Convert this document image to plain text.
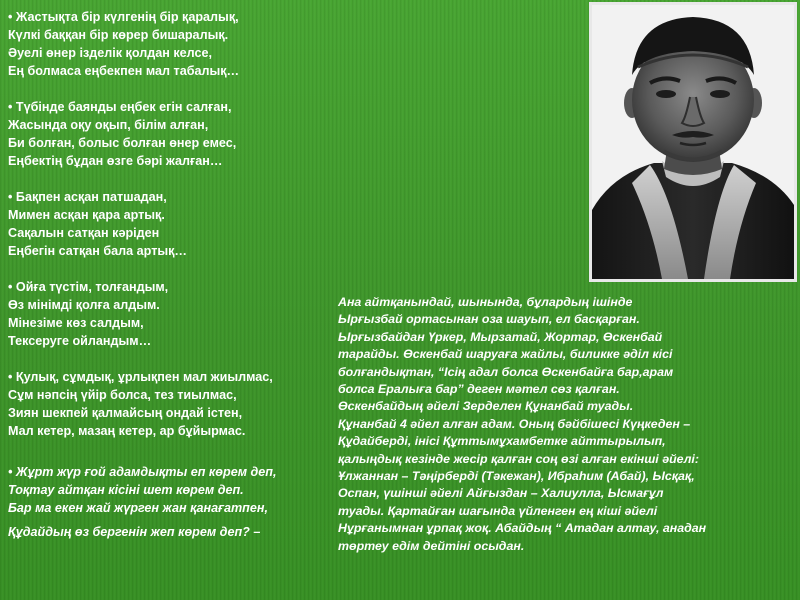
• Жастықта бір күлгенің бір қаралық,
Күлкі баққан бір көрер бишаралық.
Әуелі өнер ізделік қолдан келсе,
Ең болмаса еңбекпен мал табалық…
• Түбінде баянды еңбек егін салған,
Жасында оқу оқып, білім алған,
Би болған, болыс болған өнер емес,
Еңбектің бұдан өзге бәрі жалған…
• Бақпен асқан патшадан,
Мимен асқан қара артық.
Сақалын сатқан кәріден
Еңбегін сатқан бала артық…
• Ойға түстім, толғандым,
Өз мінімді қолға алдым.
Мінезіме көз салдым,
Тексеруге ойландым…
• Қулық, сұмдық, ұрлықпен мал жиылмас,
Сұм нәпсің үйір болса, тез тиылмас,
Зиян шекпей қалмайсың ондай істен,
Мал кетер, мазаң кетер, ар бұйырмас.
• Жұрт жүр ғой адамдықты еп көрем деп,
Тоқтау айтқан кісіні шет көрем деп.
Бар ма екен жай жүрген жан қанағатпен,
Құдайдың өз бергенін жеп көрем деп? –
Ана айтқанындай, шынында, бұлардың ішінде
Ырғызбай ортасынан оза шауып, ел басқарған.
Ырғызбайдан Үркер, Мырзатай, Жортар, Өскенбай
тарайды. Өскенбай шаруаға жайлы, биликке әділ кісі
болғандықтан, “Ісің адал болса Өскенбайға бар,арам
болса Ералыға бар” деген мәтел сөз қалған.
Өскенбайдың әйелі Зерделен Құнанбай туады.
Құнанбай 4 әйел алған адам. Оның бәйбішесі Күңкеден –
Құдайберді, інісі Құттымұхамбетке айттырылып,
қалыңдық кезінде жесір қалған соң өзі алған екінші әйелі:
Ұлжаннан – Тәңірберді (Тәкежан), Ибраһим (Абай), Ысқақ,
Оспан, үшінші әйелі Айғыздан – Халиулла, Ысмағұл
туады. Қартайған шағында үйленген ең кіші әйелі
Нұрғанымнан ұрпақ жоқ. Абайдың “ Атадан алтау, анадан
төртеу едім дейтіні осыдан.
